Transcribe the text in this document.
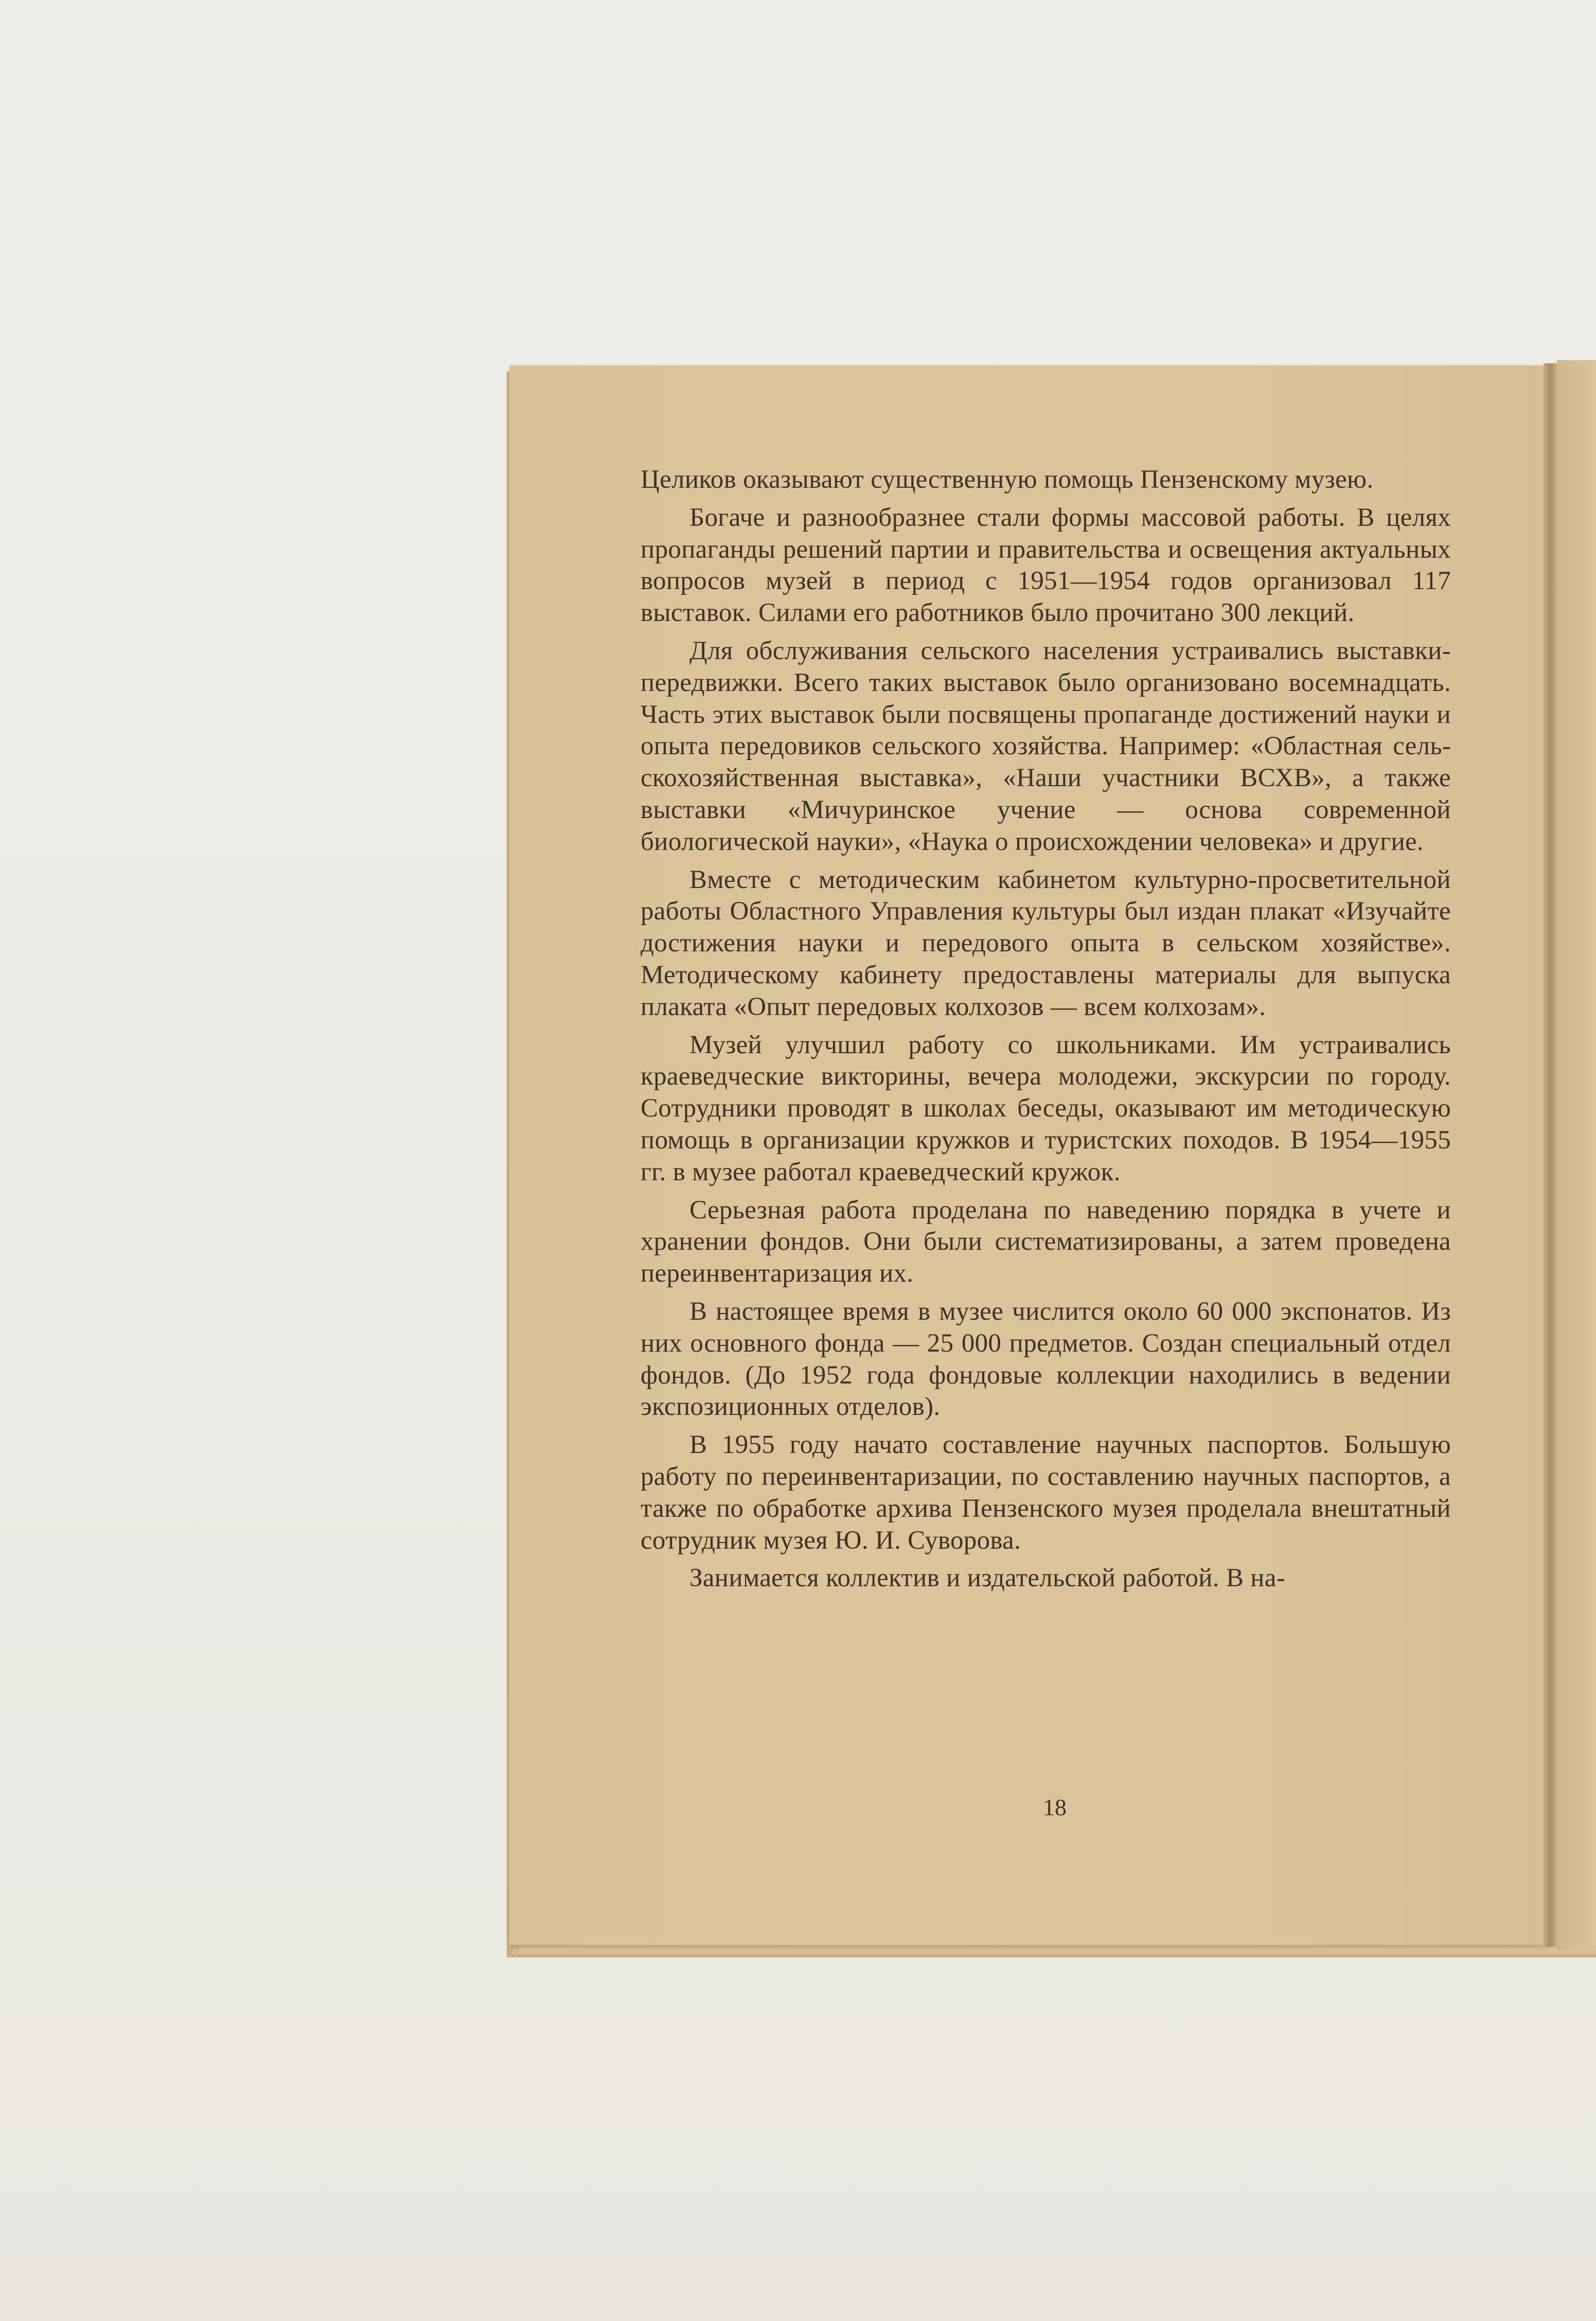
Целиков оказывают существенную помощь Пензенскому музею.

Богаче и разнообразнее стали формы массовой работы. В целях пропаганды решений партии и правительства и освещения актуальных вопросов музей в период с 1951—1954 годов организовал 117 выставок. Силами его работников было прочитано 300 лекций.

Для обслуживания сельского населения устраивались выставки-передвижки. Всего таких выставок было организовано восемнадцать. Часть этих выставок были посвящены пропаганде достижений науки и опыта передовиков сельского хозяйства. Например: «Областная сельскохозяйственная выставка», «Наши участники ВСХВ», а также выставки «Мичуринское учение — основа современной биологической науки», «Наука о происхождении человека» и другие.

Вместе с методическим кабинетом культурно-просветительной работы Областного Управления культуры был издан плакат «Изучайте достижения науки и передового опыта в сельском хозяйстве». Методическому кабинету предоставлены материалы для выпуска плаката «Опыт передовых колхозов — всем колхозам».

Музей улучшил работу со школьниками. Им устраивались краеведческие викторины, вечера молодежи, экскурсии по городу. Сотрудники проводят в школах беседы, оказывают им методическую помощь в организации кружков и туристских походов. В 1954—1955 гг. в музее работал краеведческий кружок.

Серьезная работа проделана по наведению порядка в учете и хранении фондов. Они были систематизированы, а затем проведена переинвентаризация их.

В настоящее время в музее числится около 60 000 экспонатов. Из них основного фонда — 25 000 предметов. Создан специальный отдел фондов. (До 1952 года фондовые коллекции находились в ведении экспозиционных отделов).

В 1955 году начато составление научных паспортов. Большую работу по переинвентаризации, по составлению научных паспортов, а также по обработке архива Пензенского музея проделала внештатный сотрудник музея Ю. И. Суворова.

Занимается коллектив и издательской работой. В на-

18
